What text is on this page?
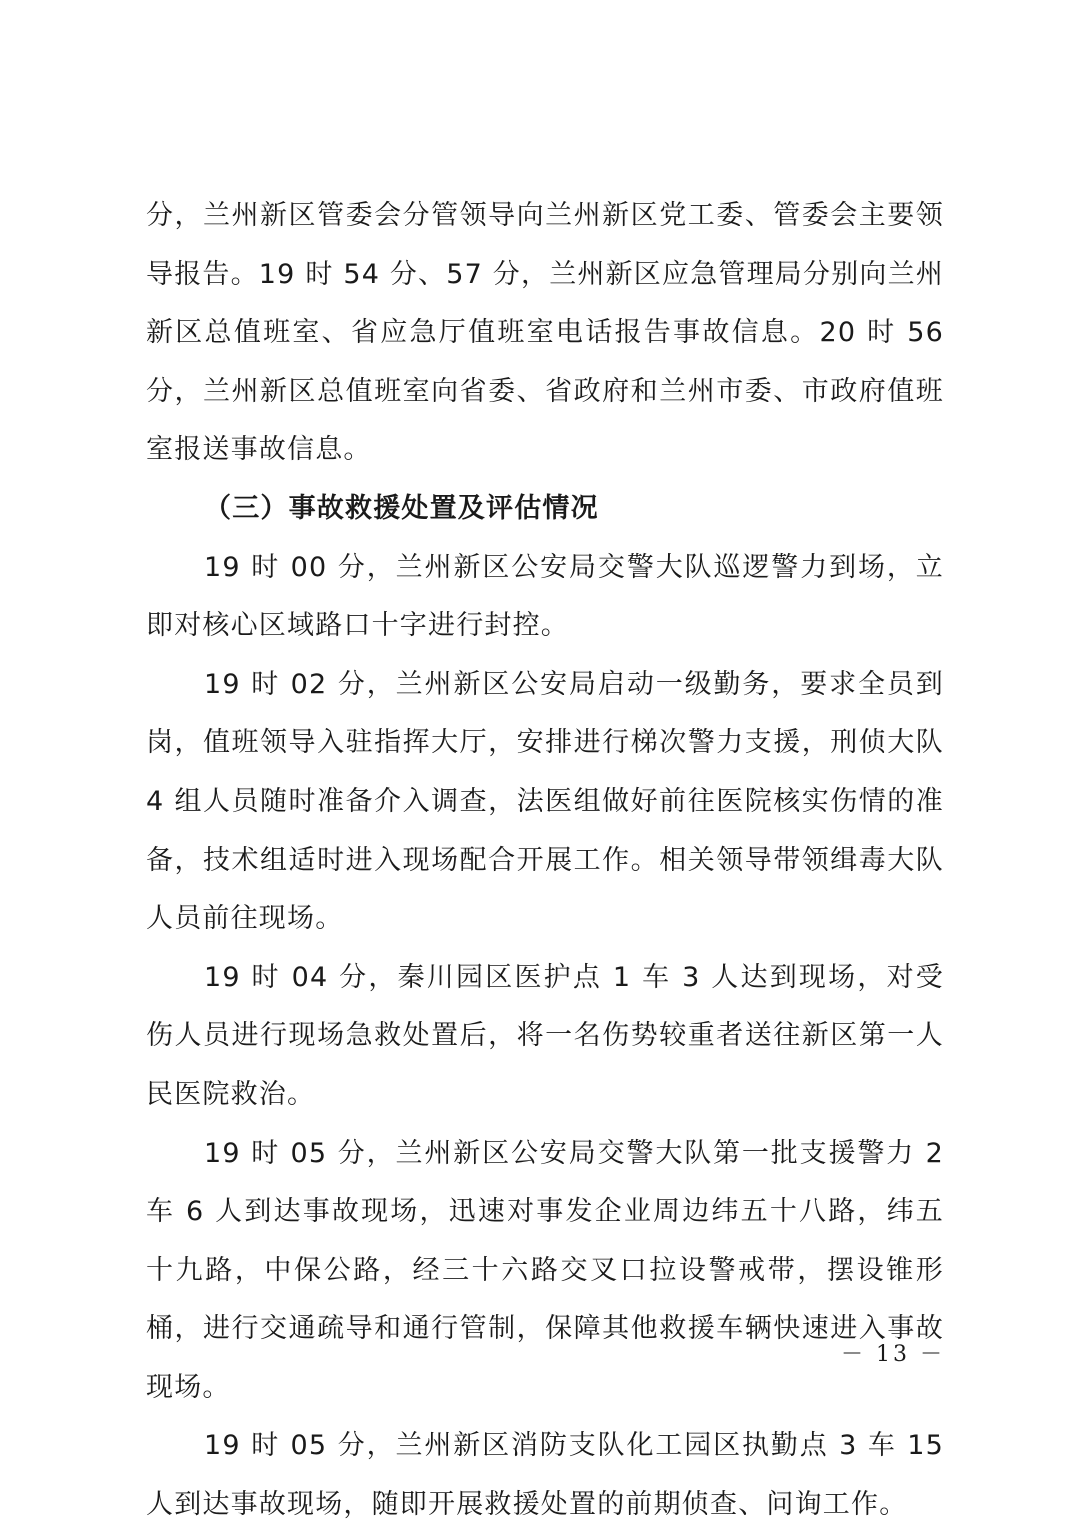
分，兰州新区管委会分管领导向兰州新区党工委、管委会主要领导报告。19 时 54 分、57 分，兰州新区应急管理局分别向兰州新区总值班室、省应急厅值班室电话报告事故信息。20 时 56 分，兰州新区总值班室向省委、省政府和兰州市委、市政府值班室报送事故信息。

（三）事故救援处置及评估情况

19 时 00 分，兰州新区公安局交警大队巡逻警力到场，立即对核心区域路口十字进行封控。

19 时 02 分，兰州新区公安局启动一级勤务，要求全员到岗，值班领导入驻指挥大厅，安排进行梯次警力支援，刑侦大队 4 组人员随时准备介入调查，法医组做好前往医院核实伤情的准备，技术组适时进入现场配合开展工作。相关领导带领缉毒大队人员前往现场。

19 时 04 分，秦川园区医护点 1 车 3 人达到现场，对受伤人员进行现场急救处置后，将一名伤势较重者送往新区第一人民医院救治。

19 时 05 分，兰州新区公安局交警大队第一批支援警力 2 车 6 人到达事故现场，迅速对事发企业周边纬五十八路，纬五十九路，中保公路，经三十六路交叉口拉设警戒带，摆设锥形桶，进行交通疏导和通行管制，保障其他救援车辆快速进入事故现场。

19 时 05 分，兰州新区消防支队化工园区执勤点 3 车 15 人到达事故现场，随即开展救援处置的前期侦查、问询工作。

－ 13 －
